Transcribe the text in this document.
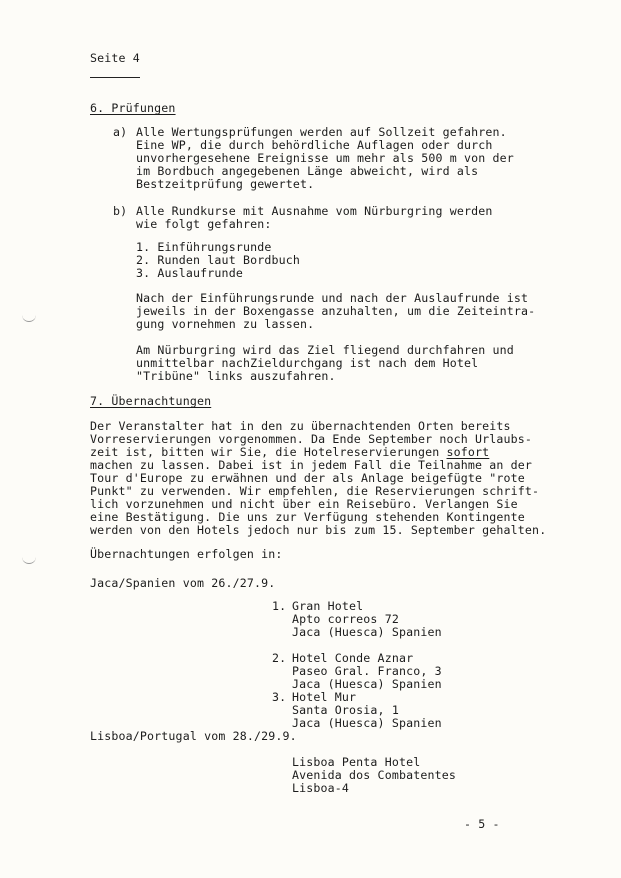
Seite 4
6. Prüfungen
a) Alle Wertungsprüfungen werden auf Sollzeit gefahren.
Eine WP, die durch behördliche Auflagen oder durch
unvorhergesehene Ereignisse um mehr als 500 m von der
im Bordbuch angegebenen Länge abweicht, wird als
Bestzeitprüfung gewertet.
b) Alle Rundkurse mit Ausnahme vom Nürburgring werden
wie folgt gefahren:
1. Einführungsrunde
2. Runden laut Bordbuch
3. Auslaufrunde
Nach der Einführungsrunde und nach der Auslaufrunde ist
jeweils in der Boxengasse anzuhalten, um die Zeiteintra-
gung vornehmen zu lassen.
Am Nürburgring wird das Ziel fliegend durchfahren und
unmittelbar nachZieldurchgang ist nach dem Hotel
"Tribüne" links auszufahren.
7. Übernachtungen
Der Veranstalter hat in den zu übernachtenden Orten bereits
Vorreservierungen vorgenommen. Da Ende September noch Urlaubs-
zeit ist, bitten wir Sie, die Hotelreservierungen sofort
machen zu lassen. Dabei ist in jedem Fall die Teilnahme an der
Tour d'Europe zu erwähnen und der als Anlage beigefügte "rote
Punkt" zu verwenden. Wir empfehlen, die Reservierungen schrift-
lich vorzunehmen und nicht über ein Reisebüro. Verlangen Sie
eine Bestätigung. Die uns zur Verfügung stehenden Kontingente
werden von den Hotels jedoch nur bis zum 15. September gehalten.
Übernachtungen erfolgen in:
Jaca/Spanien vom 26./27.9.
1. Gran Hotel
Apto correos 72
Jaca (Huesca) Spanien
2. Hotel Conde Aznar
Paseo Gral. Franco, 3
Jaca (Huesca) Spanien
3. Hotel Mur
Santa Orosia, 1
Jaca (Huesca) Spanien
Lisboa/Portugal vom 28./29.9.
Lisboa Penta Hotel
Avenida dos Combatentes
Lisboa-4
- 5 -
